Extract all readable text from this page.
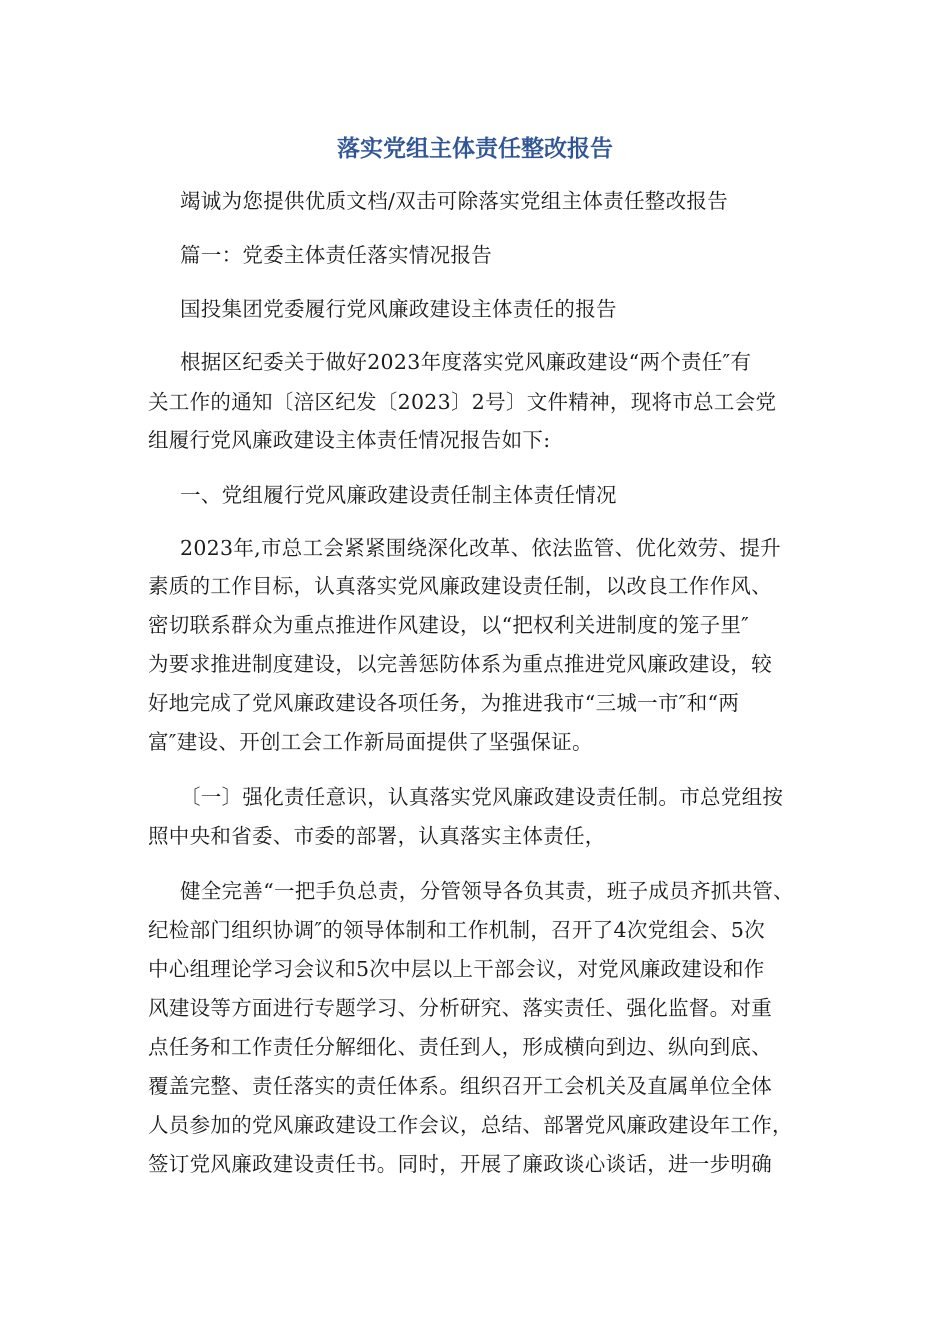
落实党组主体责任整改报告
竭诚为您提供优质文档/双击可除落实党组主体责任整改报告
篇一：党委主体责任落实情况报告
国投集团党委履行党风廉政建设主体责任的报告
根据区纪委关于做好2023年度落实党风廉政建设“两个责任″有
关工作的通知〔涪区纪发〔2023〕2号〕文件精神，现将市总工会党
组履行党风廉政建设主体责任情况报告如下:
一、党组履行党风廉政建设责任制主体责任情况
2023年,市总工会紧紧围绕深化改革、依法监管、优化效劳、提升
素质的工作目标，认真落实党风廉政建设责任制，以改良工作作风、
密切联系群众为重点推进作风建设，以“把权利关进制度的笼子里″
为要求推进制度建设，以完善惩防体系为重点推进党风廉政建设，较
好地完成了党风廉政建设各项任务，为推进我市“三城一市″和“两
富″建设、开创工会工作新局面提供了坚强保证。
〔一〕强化责任意识，认真落实党风廉政建设责任制。市总党组按
照中央和省委、市委的部署，认真落实主体责任，
健全完善“一把手负总责，分管领导各负其责，班子成员齐抓共管、
纪检部门组织协调″的领导体制和工作机制，召开了4次党组会、5次
中心组理论学习会议和5次中层以上干部会议，对党风廉政建设和作
风建设等方面进行专题学习、分析研究、落实责任、强化监督。对重
点任务和工作责任分解细化、责任到人，形成横向到边、纵向到底、
覆盖完整、责任落实的责任体系。组织召开工会机关及直属单位全体
人员参加的党风廉政建设工作会议，总结、部署党风廉政建设年工作，
签订党风廉政建设责任书。同时，开展了廉政谈心谈话，进一步明确
